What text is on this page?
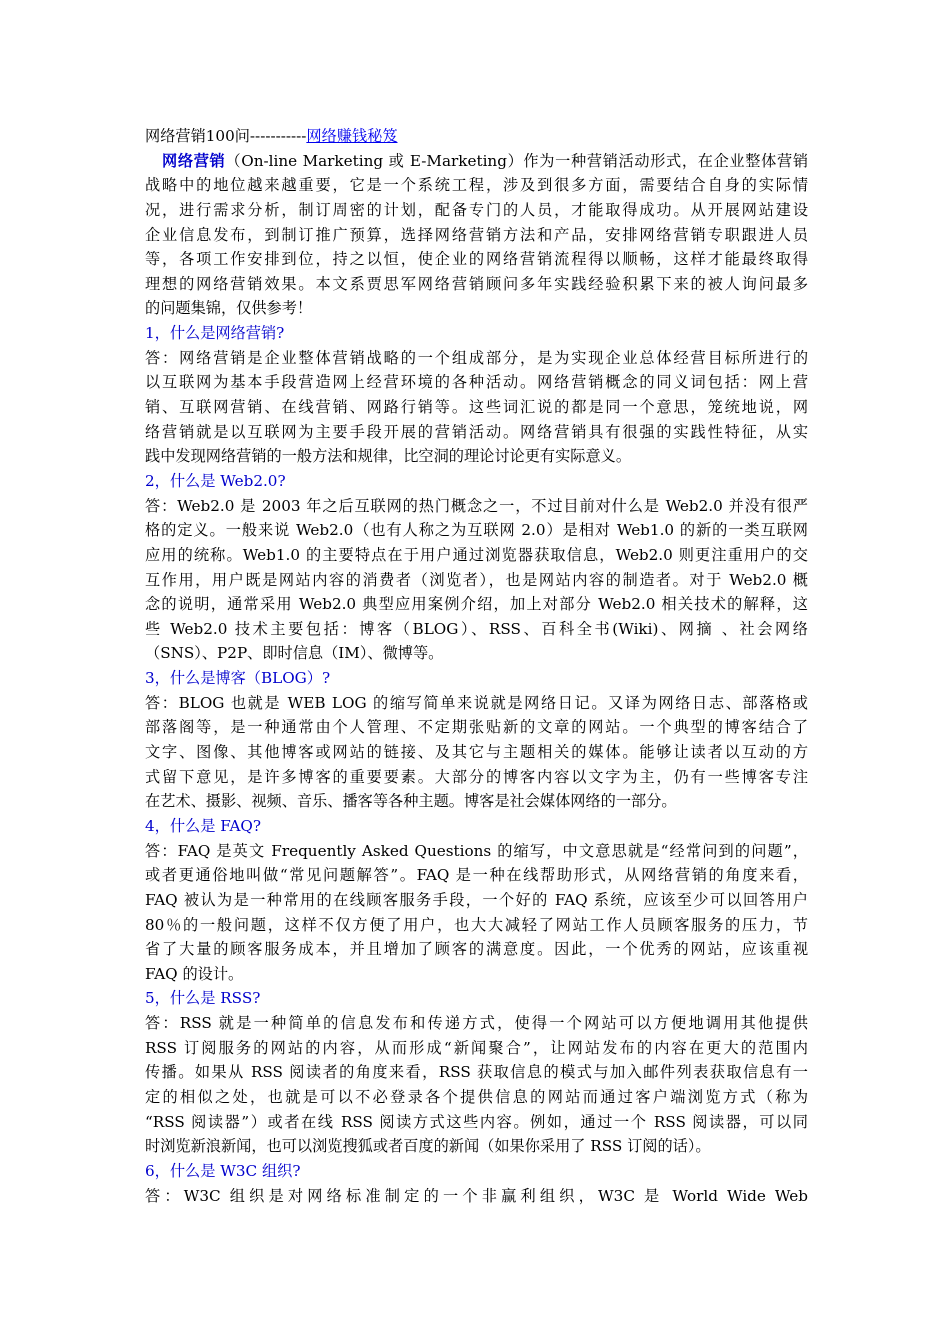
网络营销100问-----------网络赚钱秘笈
网络营销（On-line Marketing 或 E-Marketing）作为一种营销活动形式，在企业整体营销
战略中的地位越来越重要，它是一个系统工程，涉及到很多方面，需要结合自身的实际情
况，进行需求分析，制订周密的计划，配备专门的人员，才能取得成功。从开展网站建设
企业信息发布，到制订推广预算，选择网络营销方法和产品，安排网络营销专职跟进人员
等，各项工作安排到位，持之以恒，使企业的网络营销流程得以顺畅，这样才能最终取得
理想的网络营销效果。本文系贾思军网络营销顾问多年实践经验积累下来的被人询问最多
的问题集锦，仅供参考！
1，什么是网络营销?
答：网络营销是企业整体营销战略的一个组成部分，是为实现企业总体经营目标所进行的
以互联网为基本手段营造网上经营环境的各种活动。网络营销概念的同义词包括：网上营
销、互联网营销、在线营销、网路行销等。这些词汇说的都是同一个意思，笼统地说，网
络营销就是以互联网为主要手段开展的营销活动。网络营销具有很强的实践性特征，从实
践中发现网络营销的一般方法和规律，比空洞的理论讨论更有实际意义。
2，什么是 Web2.0?
答：Web2.0 是 2003 年之后互联网的热门概念之一，不过目前对什么是 Web2.0 并没有很严
格的定义。一般来说 Web2.0（也有人称之为互联网 2.0）是相对 Web1.0 的新的一类互联网
应用的统称。Web1.0 的主要特点在于用户通过浏览器获取信息，Web2.0 则更注重用户的交
互作用，用户既是网站内容的消费者（浏览者），也是网站内容的制造者。对于 Web2.0 概
念的说明，通常采用 Web2.0 典型应用案例介绍，加上对部分 Web2.0 相关技术的解释，这
些 Web2.0 技术主要包括：博客（BLOG）、RSS、百科全书(Wiki)、网摘 、社会网络
（SNS）、P2P、即时信息（IM）、微博等。
3，什么是博客（BLOG）?
答：BLOG 也就是 WEB LOG 的缩写简单来说就是网络日记。又译为网络日志、部落格或
部落阁等，是一种通常由个人管理、不定期张贴新的文章的网站。一个典型的博客结合了
文字、图像、其他博客或网站的链接、及其它与主题相关的媒体。能够让读者以互动的方
式留下意见，是许多博客的重要要素。大部分的博客内容以文字为主，仍有一些博客专注
在艺术、摄影、视频、音乐、播客等各种主题。博客是社会媒体网络的一部分。
4，什么是 FAQ?
答：FAQ 是英文 Frequently Asked Questions 的缩写，中文意思就是“经常问到的问题”，
或者更通俗地叫做“常见问题解答”。FAQ 是一种在线帮助形式，从网络营销的角度来看，
FAQ 被认为是一种常用的在线顾客服务手段，一个好的 FAQ 系统，应该至少可以回答用户
80％的一般问题，这样不仅方便了用户，也大大减轻了网站工作人员顾客服务的压力，节
省了大量的顾客服务成本，并且增加了顾客的满意度。因此，一个优秀的网站，应该重视
FAQ 的设计。
5，什么是 RSS?
答：RSS 就是一种简单的信息发布和传递方式，使得一个网站可以方便地调用其他提供
RSS 订阅服务的网站的内容，从而形成“新闻聚合”，让网站发布的内容在更大的范围内
传播。如果从 RSS 阅读者的角度来看，RSS 获取信息的模式与加入邮件列表获取信息有一
定的相似之处，也就是可以不必登录各个提供信息的网站而通过客户端浏览方式（称为
“RSS 阅读器”）或者在线 RSS 阅读方式这些内容。例如，通过一个 RSS 阅读器，可以同
时浏览新浪新闻，也可以浏览搜狐或者百度的新闻（如果你采用了 RSS 订阅的话）。
6，什么是 W3C 组织?
答：W3C 组织是对网络标准制定的一个非赢利组织，W3C 是 World Wide Web
